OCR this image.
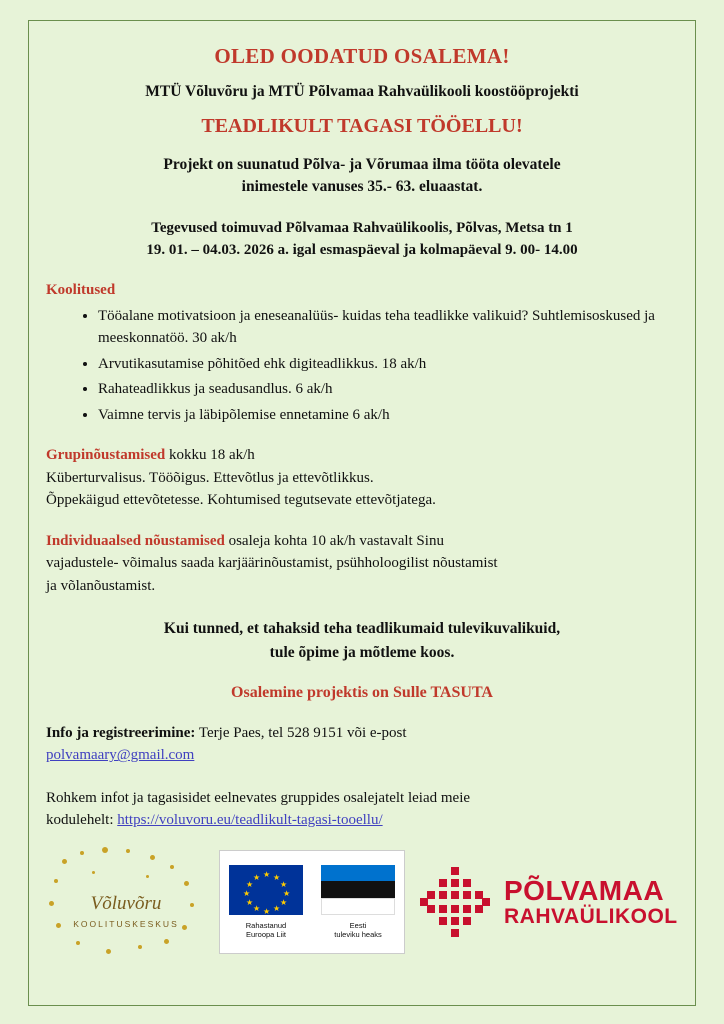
OLED OODATUD OSALEMA!
MTÜ Võluvõru ja MTÜ Põlvamaa Rahvaülikooli koostööprojekti
TEADLIKULT TAGASI TÖÖELLU!
Projekt on suunatud Põlva- ja Võrumaa ilma tööta olevatele
inimestele vanuses 35.- 63. eluaastat.
Tegevused toimuvad Põlvamaa Rahvaülikoolis, Põlvas, Metsa tn 1
19. 01. – 04.03. 2026 a. igal esmaspäeval ja kolmapäeval 9. 00- 14.00
Koolitused
• Tööalane motivatsioon ja eneseanalüüs- kuidas teha teadlikke valikuid? Suhtlemisoskused ja meeskonnatöö. 30 ak/h
• Arvutikasutamise põhitõed ehk digiteadlikkus. 18 ak/h
• Rahateadlikkus ja seadusandlus. 6 ak/h
• Vaimne tervis ja läbipõlemise ennetamine 6 ak/h
Grupinõustamised kokku 18 ak/h
Küberturvalisus. Tööõigus. Ettevõtlus ja ettevõtlikkus.
Õppekäigud ettevõtetesse. Kohtumised tegutsevate ettevõtjatega.
Individuaalsed nõustamised osaleja kohta 10 ak/h vastavalt Sinu
vajadustele- võimalus saada karjäärinõustamist, psühholoogilist nõustamist
ja võlanõustamist.
Kui tunned, et tahaksid teha teadlikumaid tulevikuvalikuid,
tule õpime ja mõtleme koos.
Osalemine projektis on Sulle TASUTA
Info ja registreerimine: Terje Paes, tel 528 9151 või e-post
polvamaary@gmail.com
Rohkem infot ja tagasisidet eelnevates gruppides osalejatelt leiad meie
kodulehelt: https://voluvoru.eu/teadlikult-tagasi-tooellu/
Võluvõru
KOOLITUSKESKUS
★ ★
★
★
★
★
★
★
★
★
★
★
Rahastanud
Euroopa Liit
Eesti
tuleviku heaks
PÕLVAMAA
RAHVAÜLIKOOL
